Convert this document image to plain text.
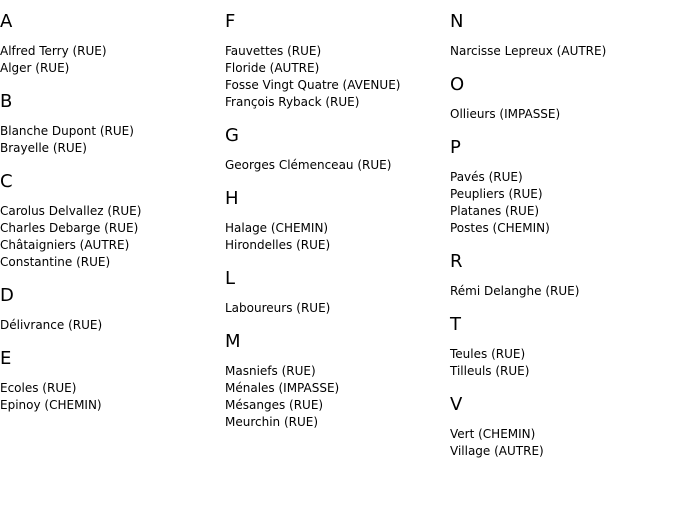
A
Alfred Terry (RUE)
Alger (RUE)
B
Blanche Dupont (RUE)
Brayelle (RUE)
C
Carolus Delvallez (RUE)
Charles Debarge (RUE)
Châtaigniers (AUTRE)
Constantine (RUE)
D
Délivrance (RUE)
E
Ecoles (RUE)
Epinoy (CHEMIN)
F
Fauvettes (RUE)
Floride (AUTRE)
Fosse Vingt Quatre (AVENUE)
François Ryback (RUE)
G
Georges Clémenceau (RUE)
H
Halage (CHEMIN)
Hirondelles (RUE)
L
Laboureurs (RUE)
M
Masniefs (RUE)
Ménales (IMPASSE)
Mésanges (RUE)
Meurchin (RUE)
N
Narcisse Lepreux (AUTRE)
O
Ollieurs (IMPASSE)
P
Pavés (RUE)
Peupliers (RUE)
Platanes (RUE)
Postes (CHEMIN)
R
Rémi Delanghe (RUE)
T
Teules (RUE)
Tilleuls (RUE)
V
Vert (CHEMIN)
Village (AUTRE)
